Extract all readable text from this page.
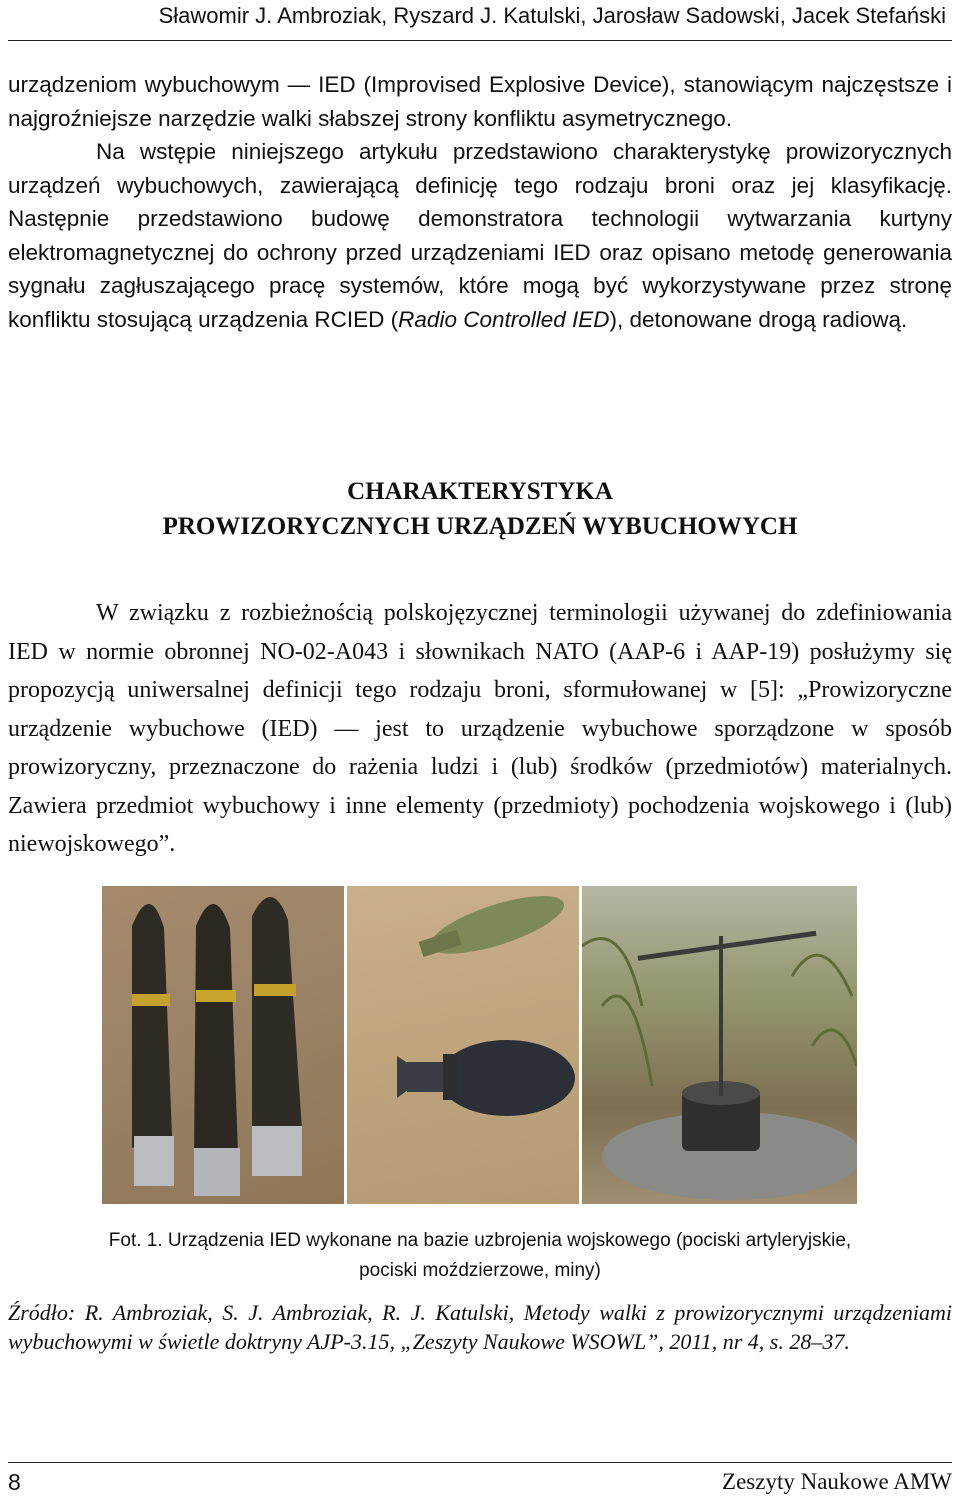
Sławomir J. Ambroziak, Ryszard J. Katulski, Jarosław Sadowski, Jacek Stefański

urządzeniom wybuchowym — IED (Improvised Explosive Device), stanowiącym najczęstsze i najgroźniejsze narzędzie walki słabszej strony konfliktu asymetrycznego.
Na wstępie niniejszego artykułu przedstawiono charakterystykę prowizorycznych urządzeń wybuchowych, zawierającą definicję tego rodzaju broni oraz jej klasyfikację. Następnie przedstawiono budowę demonstratora technologii wytwarzania kurtyny elektromagnetycznej do ochrony przed urządzeniami IED oraz opisano metodę generowania sygnału zagłuszającego pracę systemów, które mogą być wykorzystywane przez stronę konfliktu stosującą urządzenia RCIED (Radio Controlled IED), detonowane drogą radiową.

CHARAKTERYSTYKA
PROWIZORYCZNYCH URZĄDZEŃ WYBUCHOWYCH

W związku z rozbieżnością polskojęzycznej terminologii używanej do zdefiniowania IED w normie obronnej NO-02-A043 i słownikach NATO (AAP-6 i AAP-19) posłużymy się propozycją uniwersalnej definicji tego rodzaju broni, sformułowanej w [5]: „Prowizoryczne urządzenie wybuchowe (IED) — jest to urządzenie wybuchowe sporządzone w sposób prowizoryczny, przeznaczone do rażenia ludzi i (lub) środków (przedmiotów) materialnych. Zawiera przedmiot wybuchowy i inne elementy (przedmioty) pochodzenia wojskowego i (lub) niewojskowego”.

Fot. 1. Urządzenia IED wykonane na bazie uzbrojenia wojskowego (pociski artyleryjskie,
pociski moździerzowe, miny)

Źródło: R. Ambroziak, S. J. Ambroziak, R. J. Katulski, Metody walki z prowizorycznymi urządzeniami wybuchowymi w świetle doktryny AJP-3.15, „Zeszyty Naukowe WSOWL”, 2011, nr 4, s. 28–37.

8	Zeszyty Naukowe AMW
